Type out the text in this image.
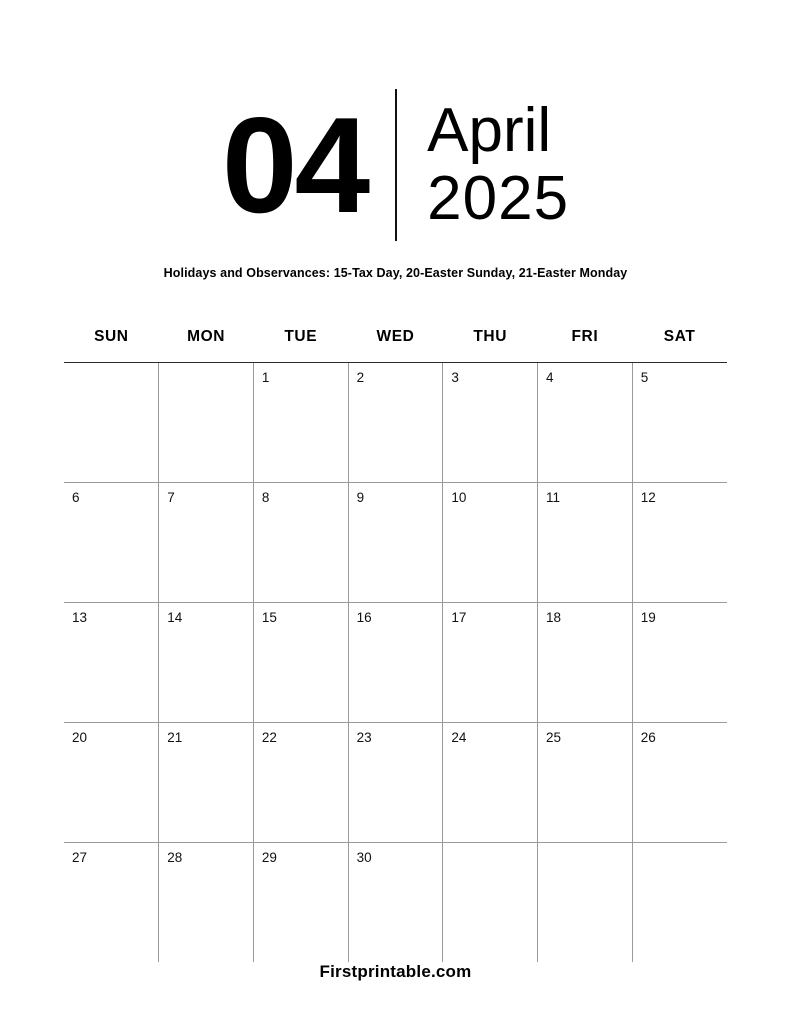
04 April
2025
Holidays and Observances: 15-Tax Day, 20-Easter Sunday, 21-Easter Monday
SUN	MON	TUE	WED	THU	FRI	SAT

		1	2	3	4	5

6	7	8	9	10	11	12

13	14	15	16	17	18	19

20	21	22	23	24	25	26

27	28	29	30			

Firstprintable.com
